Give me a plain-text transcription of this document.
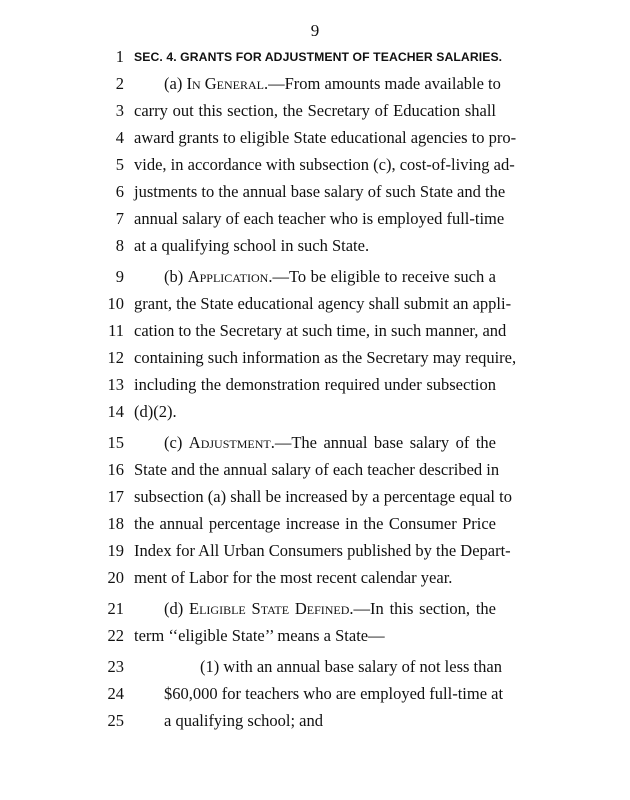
9
1 SEC. 4. GRANTS FOR ADJUSTMENT OF TEACHER SALARIES.
2 (a) In General.—From amounts made available to
3 carry out this section, the Secretary of Education shall
4 award grants to eligible State educational agencies to pro-
5 vide, in accordance with subsection (c), cost-of-living ad-
6 justments to the annual base salary of such State and the
7 annual salary of each teacher who is employed full-time
8 at a qualifying school in such State.
9 (b) Application.—To be eligible to receive such a
10 grant, the State educational agency shall submit an appli-
11 cation to the Secretary at such time, in such manner, and
12 containing such information as the Secretary may require,
13 including the demonstration required under subsection
14 (d)(2).
15 (c) Adjustment.—The annual base salary of the
16 State and the annual salary of each teacher described in
17 subsection (a) shall be increased by a percentage equal to
18 the annual percentage increase in the Consumer Price
19 Index for All Urban Consumers published by the Depart-
20 ment of Labor for the most recent calendar year.
21 (d) Eligible State Defined.—In this section, the
22 term ‘‘eligible State’’ means a State—
23	(1) with an annual base salary of not less than
24 $60,000 for teachers who are employed full-time at
25 a qualifying school; and
